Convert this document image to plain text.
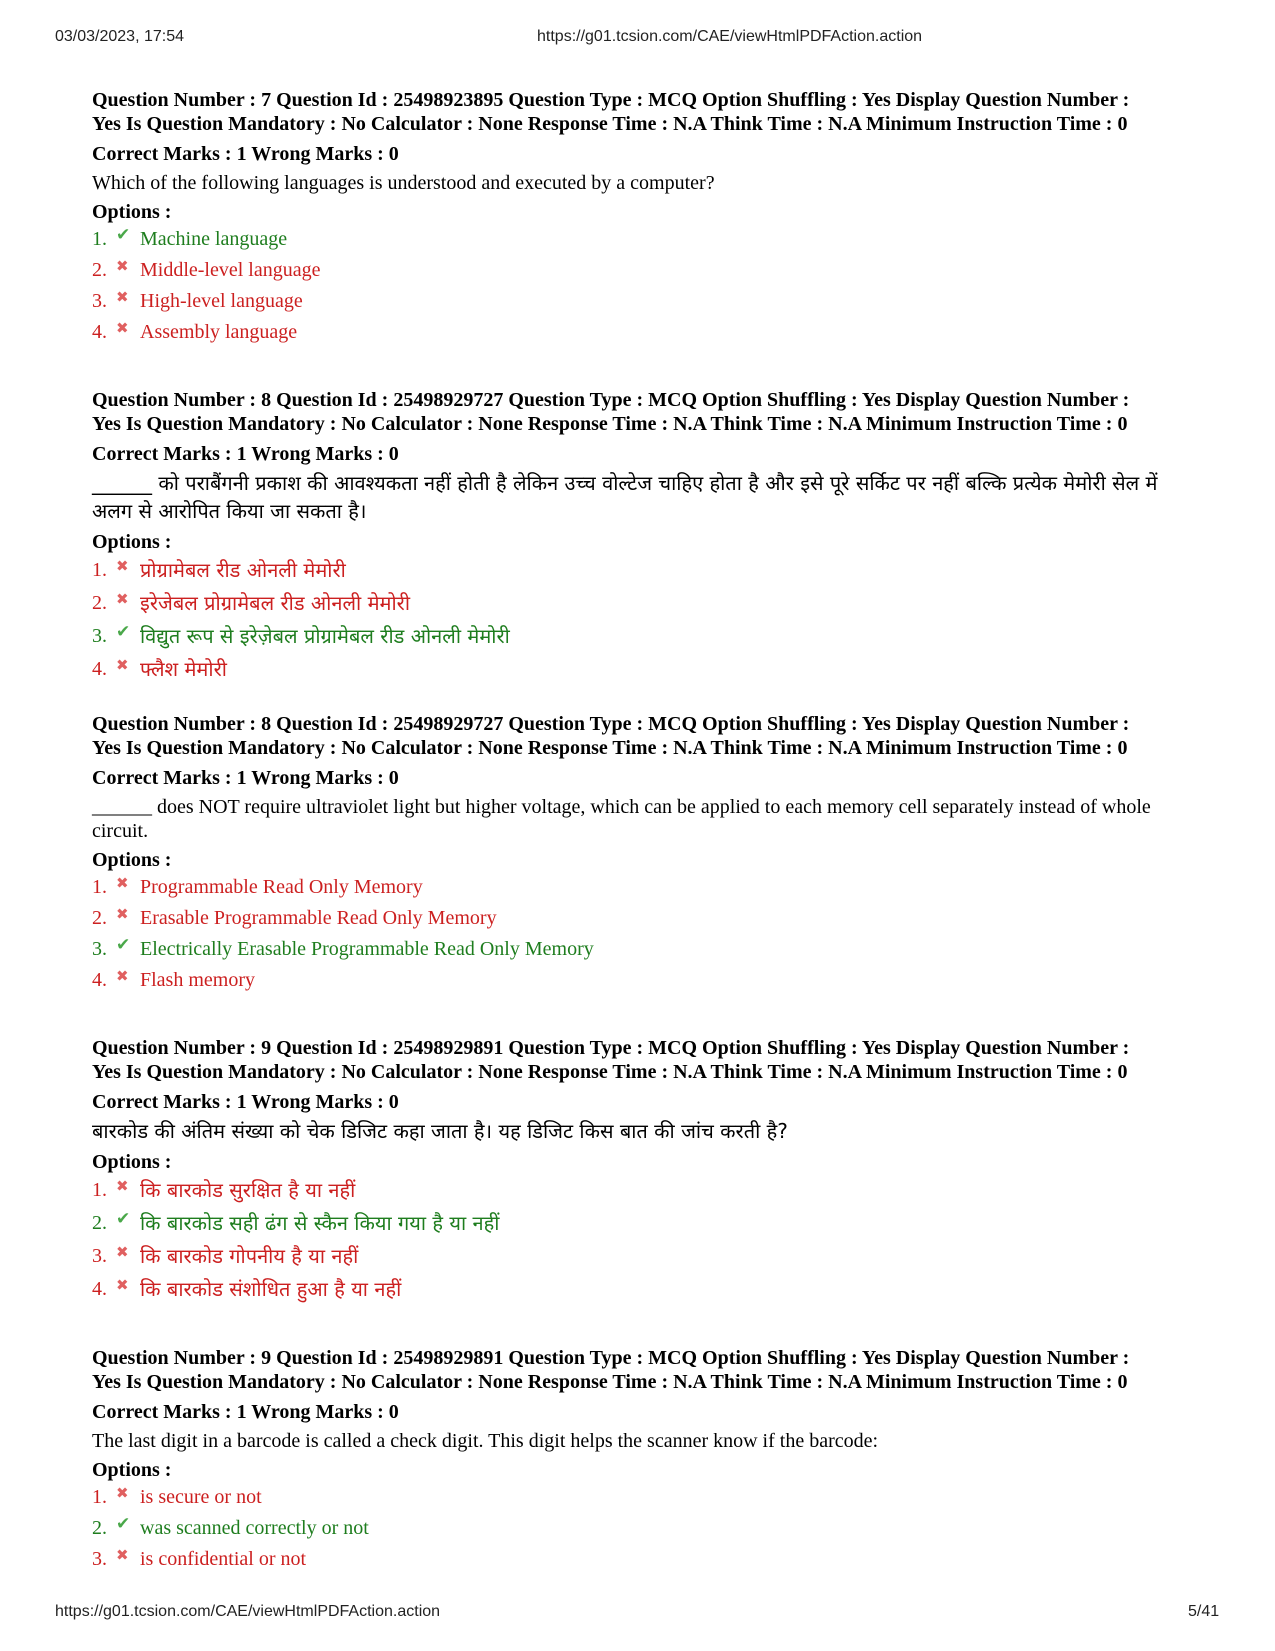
03/03/2023, 17:54	https://g01.tcsion.com/CAE/viewHtmlPDFAction.action
Question Number : 7 Question Id : 25498923895 Question Type : MCQ Option Shuffling : Yes Display Question Number :
Yes Is Question Mandatory : No Calculator : None Response Time : N.A Think Time : N.A Minimum Instruction Time : 0
Correct Marks : 1 Wrong Marks : 0
Which of the following languages is understood and executed by a computer?
Options :
1. ✔ Machine language
2. ✖ Middle-level language
3. ✖ High-level language
4. ✖ Assembly language
Question Number : 8 Question Id : 25498929727 Question Type : MCQ Option Shuffling : Yes Display Question Number :
Yes Is Question Mandatory : No Calculator : None Response Time : N.A Think Time : N.A Minimum Instruction Time : 0
Correct Marks : 1 Wrong Marks : 0
______ को पराबैंगनी प्रकाश की आवश्यकता नहीं होती है लेकिन उच्च वोल्टेज चाहिए होता है और इसे पूरे सर्किट पर नहीं बल्कि प्रत्येक मेमोरी सेल में अलग से आरोपित किया जा सकता है।
Options :
1. ✖ प्रोग्रामेबल रीड ओनली मेमोरी
2. ✖ इरेजेबल प्रोग्रामेबल रीड ओनली मेमोरी
3. ✔ विद्युत रूप से इरेज़ेबल प्रोग्रामेबल रीड ओनली मेमोरी
4. ✖ फ्लैश मेमोरी
Question Number : 8 Question Id : 25498929727 Question Type : MCQ Option Shuffling : Yes Display Question Number :
Yes Is Question Mandatory : No Calculator : None Response Time : N.A Think Time : N.A Minimum Instruction Time : 0
Correct Marks : 1 Wrong Marks : 0
______ does NOT require ultraviolet light but higher voltage, which can be applied to each memory cell separately instead of whole circuit.
Options :
1. ✖ Programmable Read Only Memory
2. ✖ Erasable Programmable Read Only Memory
3. ✔ Electrically Erasable Programmable Read Only Memory
4. ✖ Flash memory
Question Number : 9 Question Id : 25498929891 Question Type : MCQ Option Shuffling : Yes Display Question Number :
Yes Is Question Mandatory : No Calculator : None Response Time : N.A Think Time : N.A Minimum Instruction Time : 0
Correct Marks : 1 Wrong Marks : 0
बारकोड की अंतिम संख्या को चेक डिजिट कहा जाता है। यह डिजिट किस बात की जांच करती है?
Options :
1. ✖ कि बारकोड सुरक्षित है या नहीं
2. ✔ कि बारकोड सही ढंग से स्कैन किया गया है या नहीं
3. ✖ कि बारकोड गोपनीय है या नहीं
4. ✖ कि बारकोड संशोधित हुआ है या नहीं
Question Number : 9 Question Id : 25498929891 Question Type : MCQ Option Shuffling : Yes Display Question Number :
Yes Is Question Mandatory : No Calculator : None Response Time : N.A Think Time : N.A Minimum Instruction Time : 0
Correct Marks : 1 Wrong Marks : 0
The last digit in a barcode is called a check digit. This digit helps the scanner know if the barcode:
Options :
1. ✖ is secure or not
2. ✔ was scanned correctly or not
3. ✖ is confidential or not
https://g01.tcsion.com/CAE/viewHtmlPDFAction.action	5/41
